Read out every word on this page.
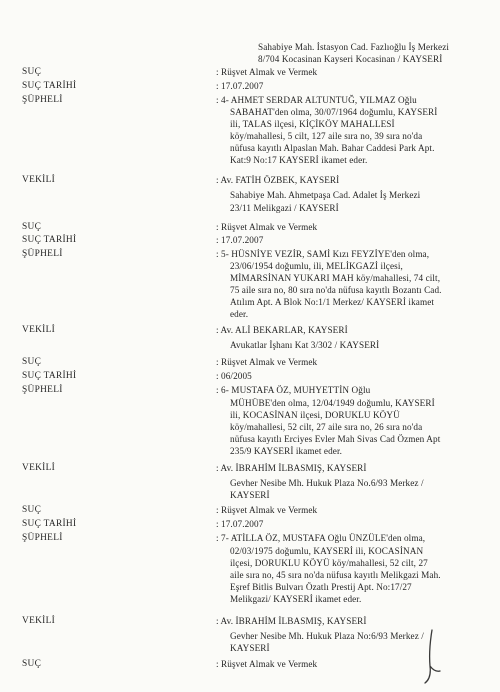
Sahabiye Mah. İstasyon Cad. Fazlıoğlu İş Merkezi
8/704 Kocasinan Kayseri Kocasinan / KAYSERİ
SUÇ	: Rüşvet Almak ve Vermek
SUÇ TARİHİ	: 17.07.2007
ŞÜPHELİ	: 4- AHMET SERDAR ALTUNTUĞ, YILMAZ Oğlu
SABAHAT'den olma, 30/07/1964 doğumlu, KAYSERİ
ili, TALAS ilçesi, KİÇİKÖY MAHALLESİ
köy/mahallesi, 5 cilt, 127 aile sıra no, 39 sıra no'da
nüfusa kayıtlı Alpaslan Mah. Bahar Caddesi Park Apt.
Kat:9 No:17 KAYSERİ ikamet eder.
VEKİLİ	: Av. FATİH ÖZBEK, KAYSERİ
Sahabiye Mah. Ahmetpaşa Cad. Adalet İş Merkezi
23/11 Melikgazi / KAYSERİ
SUÇ	: Rüşvet Almak ve Vermek
SUÇ TARİHİ	: 17.07.2007
ŞÜPHELİ	: 5- HÜSNİYE VEZİR, SAMİ Kızı FEYZİYE'den olma,
23/06/1954 doğumlu, ili, MELİKGAZİ ilçesi,
MİMARSİNAN YUKARI MAH köy/mahallesi, 74 cilt,
75 aile sıra no, 80 sıra no'da nüfusa kayıtlı Bozantı Cad.
Atılım Apt. A Blok No:1/1 Merkez/ KAYSERİ ikamet
eder.
VEKİLİ	: Av. ALİ BEKARLAR, KAYSERİ
Avukatlar İşhanı Kat 3/302 / KAYSERİ
SUÇ	: Rüşvet Almak ve Vermek
SUÇ TARİHİ	: 06/2005
ŞÜPHELİ	: 6- MUSTAFA ÖZ, MUHYETTİN Oğlu
MÜHÜBE'den olma, 12/04/1949 doğumlu, KAYSERİ
ili, KOCASİNAN ilçesi, DORUKLU KÖYÜ
köy/mahallesi, 52 cilt, 27 aile sıra no, 26 sıra no'da
nüfusa kayıtlı Erciyes Evler Mah Sivas Cad Özmen Apt
235/9 KAYSERİ ikamet eder.
VEKİLİ	: Av. İBRAHİM İLBASMIŞ, KAYSERİ
Gevher Nesibe Mh. Hukuk Plaza No.6/93 Merkez /
KAYSERİ
SUÇ	: Rüşvet Almak ve Vermek
SUÇ TARİHİ	: 17.07.2007
ŞÜPHELİ	: 7- ATİLLA ÖZ, MUSTAFA Oğlu ÜNZÜLE'den olma,
02/03/1975 doğumlu, KAYSERİ ili, KOCASİNAN
ilçesi, DORUKLU KÖYÜ köy/mahallesi, 52 cilt, 27
aile sıra no, 45 sıra no'da nüfusa kayıtlı Melikgazi Mah.
Eşref Bitlis Bulvarı Özatlı Prestij Apt. No:17/27
Melikgazi/ KAYSERİ ikamet eder.
VEKİLİ	: Av. İBRAHİM İLBASMIŞ, KAYSERİ
Gevher Nesibe Mh. Hukuk Plaza No:6/93 Merkez /
KAYSERİ
SUÇ	: Rüşvet Almak ve Vermek
